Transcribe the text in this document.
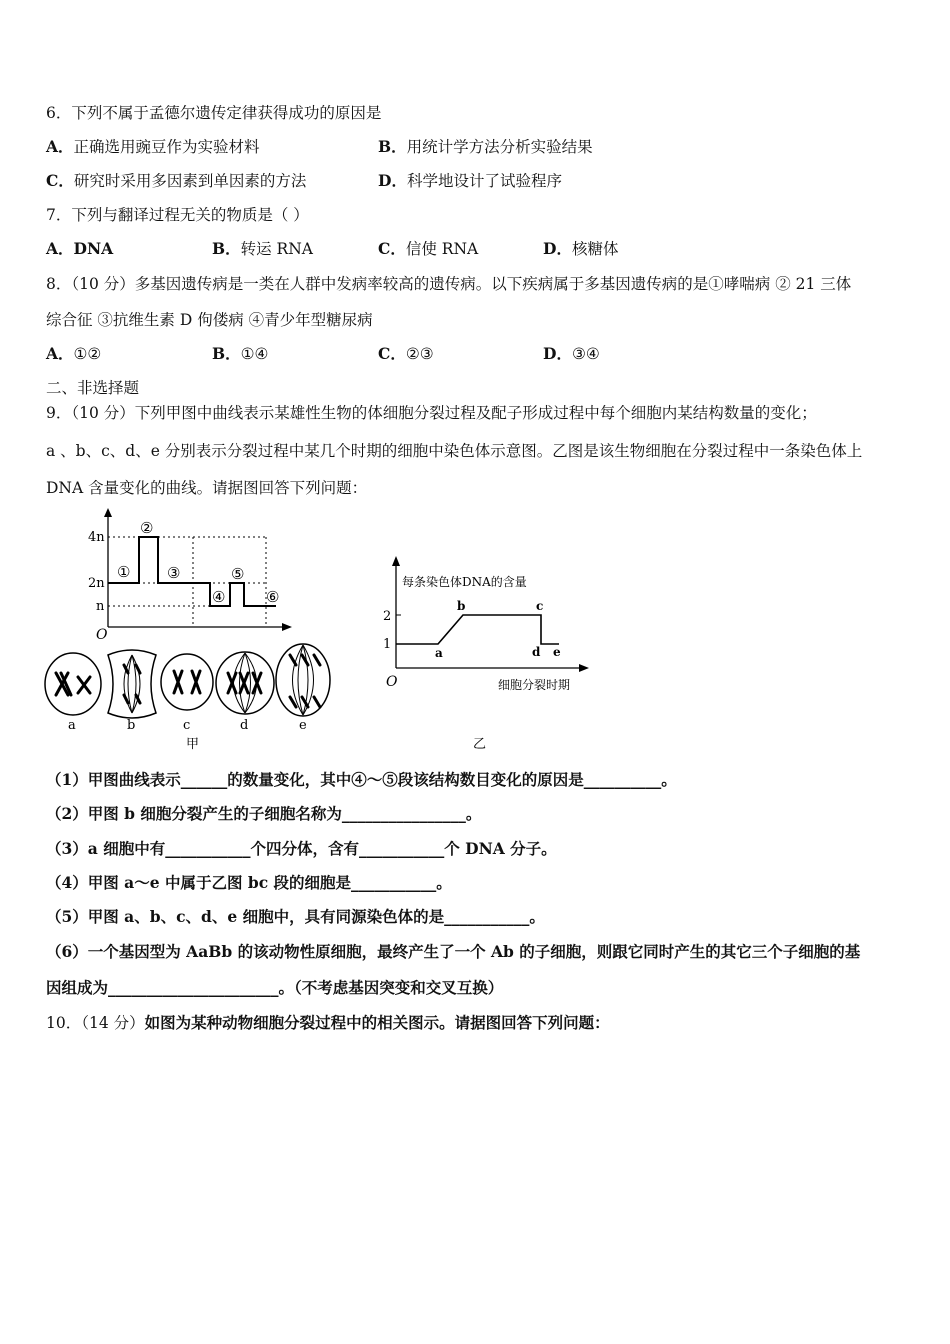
6．下列不属于孟德尔遗传定律获得成功的原因是
A．正确选用豌豆作为实验材料	B．用统计学方法分析实验结果
C．研究时采用多因素到单因素的方法	D．科学地设计了试验程序
7．下列与翻译过程无关的物质是（ ）
A．DNA	B．转运 RNA	C．信使 RNA	D．核糖体
8．（10 分）多基因遗传病是一类在人群中发病率较高的遗传病。以下疾病属于多基因遗传病的是①哮喘病 ② 21 三体
综合征 ③抗维生素 D 佝偻病 ④青少年型糖尿病
A．①②	B．①④	C．②③	D．③④
二、非选择题
9．（10 分）下列甲图中曲线表示某雄性生物的体细胞分裂过程及配子形成过程中每个细胞内某结构数量的变化；
a 、b、c、d、e 分别表示分裂过程中某几个时期的细胞中染色体示意图。乙图是该生物细胞在分裂过程中一条染色体上
DNA 含量变化的曲线。请据图回答下列问题：
4n
2n
n
O
①
②
③
④
⑤
⑥
a	b	c	d	e
甲
每条染色体DNA的含量
2
1
a
b	c
d e
O	细胞分裂时期
乙
（1）甲图曲线表示______的数量变化，其中④～⑤段该结构数目变化的原因是__________。
（2）甲图 b 细胞分裂产生的子细胞名称为________________。
（3）a 细胞中有___________个四分体，含有___________个 DNA 分子。
（4）甲图 a～e 中属于乙图 bc 段的细胞是___________。
（5）甲图 a、b、c、d、e 细胞中，具有同源染色体的是___________。
（6）一个基因型为 AaBb 的该动物性原细胞，最终产生了一个 Ab 的子细胞，则跟它同时产生的其它三个子细胞的基
因组成为______________________。（不考虑基因突变和交叉互换）
10．（14 分）如图为某种动物细胞分裂过程中的相关图示。请据图回答下列问题：
